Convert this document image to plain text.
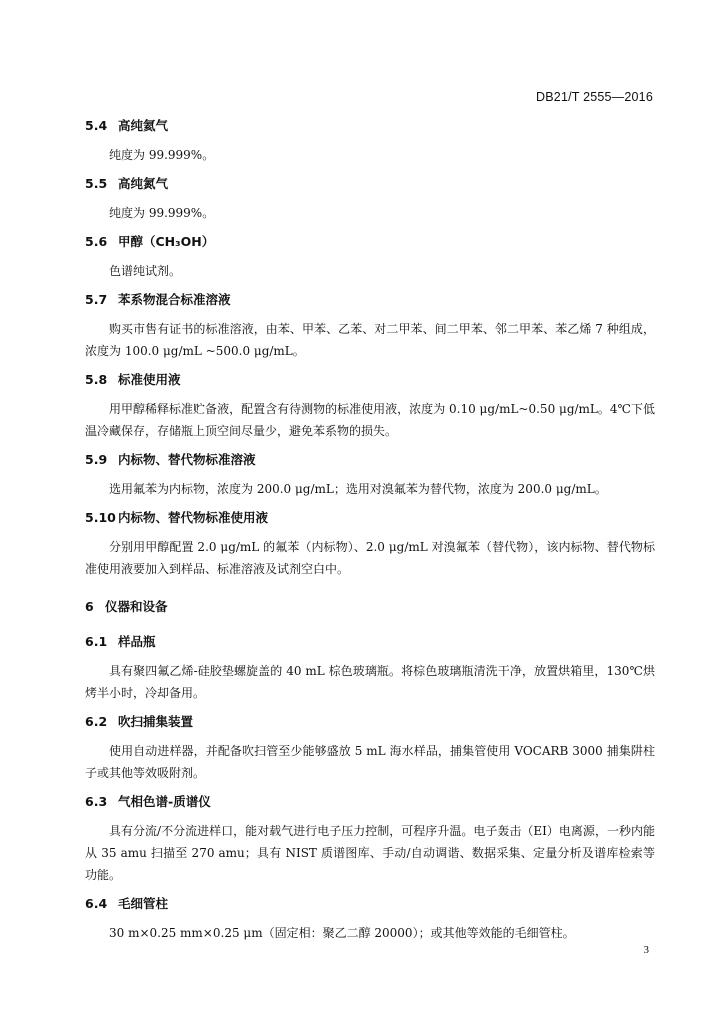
DB21/T 2555—2016
5.4 高纯氦气

纯度为 99.999%。

5.5 高纯氮气

纯度为 99.999%。

5.6 甲醇（CH₃OH）

色谱纯试剂。

5.7 苯系物混合标准溶液

购买市售有证书的标准溶液，由苯、甲苯、乙苯、对二甲苯、间二甲苯、邻二甲苯、苯乙烯 7 种组成，浓度为 100.0 μg/mL ~500.0 μg/mL。

5.8 标准使用液

用甲醇稀释标准贮备液，配置含有待测物的标准使用液，浓度为 0.10 μg/mL~0.50 μg/mL。4℃下低温冷藏保存，存储瓶上顶空间尽量少，避免苯系物的损失。

5.9 内标物、替代物标准溶液

选用氟苯为内标物，浓度为 200.0 μg/mL；选用对溴氟苯为替代物，浓度为 200.0 μg/mL。

5.10 内标物、替代物标准使用液

分别用甲醇配置 2.0 μg/mL 的氟苯（内标物）、2.0 μg/mL 对溴氟苯（替代物），该内标物、替代物标准使用液要加入到样品、标准溶液及试剂空白中。

6 仪器和设备
6.1 样品瓶

具有聚四氟乙烯-硅胶垫螺旋盖的 40 mL 棕色玻璃瓶。将棕色玻璃瓶清洗干净，放置烘箱里，130℃烘烤半小时，冷却备用。

6.2 吹扫捕集装置

使用自动进样器，并配备吹扫管至少能够盛放 5 mL 海水样品，捕集管使用 VOCARB 3000 捕集阱柱子或其他等效吸附剂。

6.3 气相色谱-质谱仪

具有分流/不分流进样口，能对载气进行电子压力控制，可程序升温。电子轰击（EI）电离源，一秒内能从 35 amu 扫描至 270 amu；具有 NIST 质谱图库、手动/自动调谐、数据采集、定量分析及谱库检索等功能。

6.4 毛细管柱

30 m×0.25 mm×0.25 μm（固定相：聚乙二醇 20000）；或其他等效能的毛细管柱。

3
